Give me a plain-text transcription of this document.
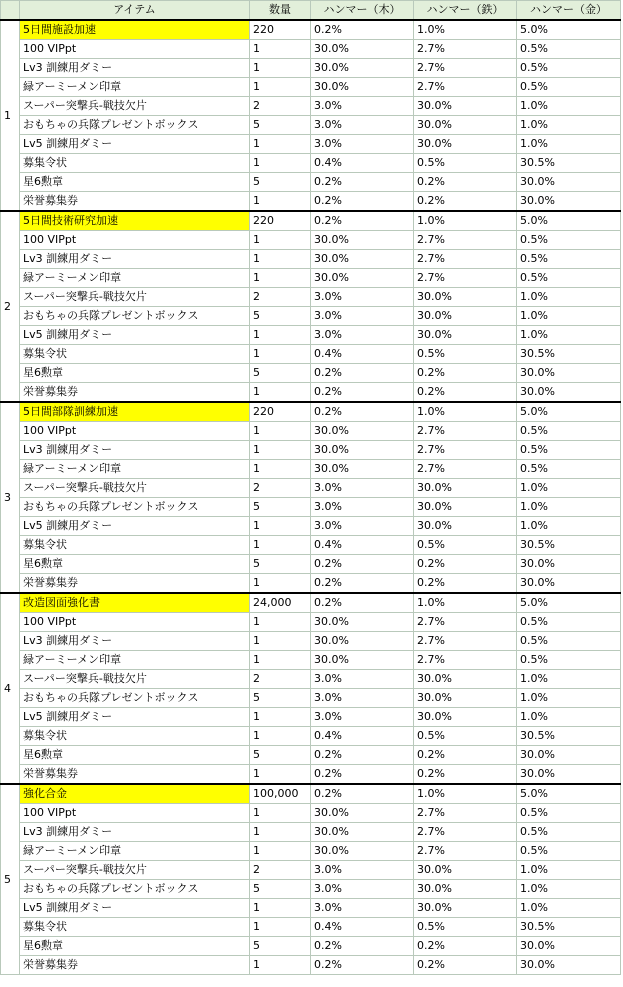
	アイテム	数量	ハンマー（木）	ハンマー（鉄）	ハンマー（金）
1	5日間施設加速	220	0.2%	1.0%	5.0%
	100 VIPpt	1	30.0%	2.7%	0.5%
	Lv3 訓練用ダミー	1	30.0%	2.7%	0.5%
	緑アーミーメン印章	1	30.0%	2.7%	0.5%
	スーパー突撃兵-戦技欠片	2	3.0%	30.0%	1.0%
	おもちゃの兵隊プレゼントボックス	5	3.0%	30.0%	1.0%
	Lv5 訓練用ダミー	1	3.0%	30.0%	1.0%
	募集令状	1	0.4%	0.5%	30.5%
	星6勲章	5	0.2%	0.2%	30.0%
	栄誉募集券	1	0.2%	0.2%	30.0%
2	5日間技術研究加速	220	0.2%	1.0%	5.0%
	100 VIPpt	1	30.0%	2.7%	0.5%
	Lv3 訓練用ダミー	1	30.0%	2.7%	0.5%
	緑アーミーメン印章	1	30.0%	2.7%	0.5%
	スーパー突撃兵-戦技欠片	2	3.0%	30.0%	1.0%
	おもちゃの兵隊プレゼントボックス	5	3.0%	30.0%	1.0%
	Lv5 訓練用ダミー	1	3.0%	30.0%	1.0%
	募集令状	1	0.4%	0.5%	30.5%
	星6勲章	5	0.2%	0.2%	30.0%
	栄誉募集券	1	0.2%	0.2%	30.0%
3	5日間部隊訓練加速	220	0.2%	1.0%	5.0%
	100 VIPpt	1	30.0%	2.7%	0.5%
	Lv3 訓練用ダミー	1	30.0%	2.7%	0.5%
	緑アーミーメン印章	1	30.0%	2.7%	0.5%
	スーパー突撃兵-戦技欠片	2	3.0%	30.0%	1.0%
	おもちゃの兵隊プレゼントボックス	5	3.0%	30.0%	1.0%
	Lv5 訓練用ダミー	1	3.0%	30.0%	1.0%
	募集令状	1	0.4%	0.5%	30.5%
	星6勲章	5	0.2%	0.2%	30.0%
	栄誉募集券	1	0.2%	0.2%	30.0%
4	改造図面強化書	24,000	0.2%	1.0%	5.0%
	100 VIPpt	1	30.0%	2.7%	0.5%
	Lv3 訓練用ダミー	1	30.0%	2.7%	0.5%
	緑アーミーメン印章	1	30.0%	2.7%	0.5%
	スーパー突撃兵-戦技欠片	2	3.0%	30.0%	1.0%
	おもちゃの兵隊プレゼントボックス	5	3.0%	30.0%	1.0%
	Lv5 訓練用ダミー	1	3.0%	30.0%	1.0%
	募集令状	1	0.4%	0.5%	30.5%
	星6勲章	5	0.2%	0.2%	30.0%
	栄誉募集券	1	0.2%	0.2%	30.0%
5	強化合金	100,000	0.2%	1.0%	5.0%
	100 VIPpt	1	30.0%	2.7%	0.5%
	Lv3 訓練用ダミー	1	30.0%	2.7%	0.5%
	緑アーミーメン印章	1	30.0%	2.7%	0.5%
	スーパー突撃兵-戦技欠片	2	3.0%	30.0%	1.0%
	おもちゃの兵隊プレゼントボックス	5	3.0%	30.0%	1.0%
	Lv5 訓練用ダミー	1	3.0%	30.0%	1.0%
	募集令状	1	0.4%	0.5%	30.5%
	星6勲章	5	0.2%	0.2%	30.0%
	栄誉募集券	1	0.2%	0.2%	30.0%
